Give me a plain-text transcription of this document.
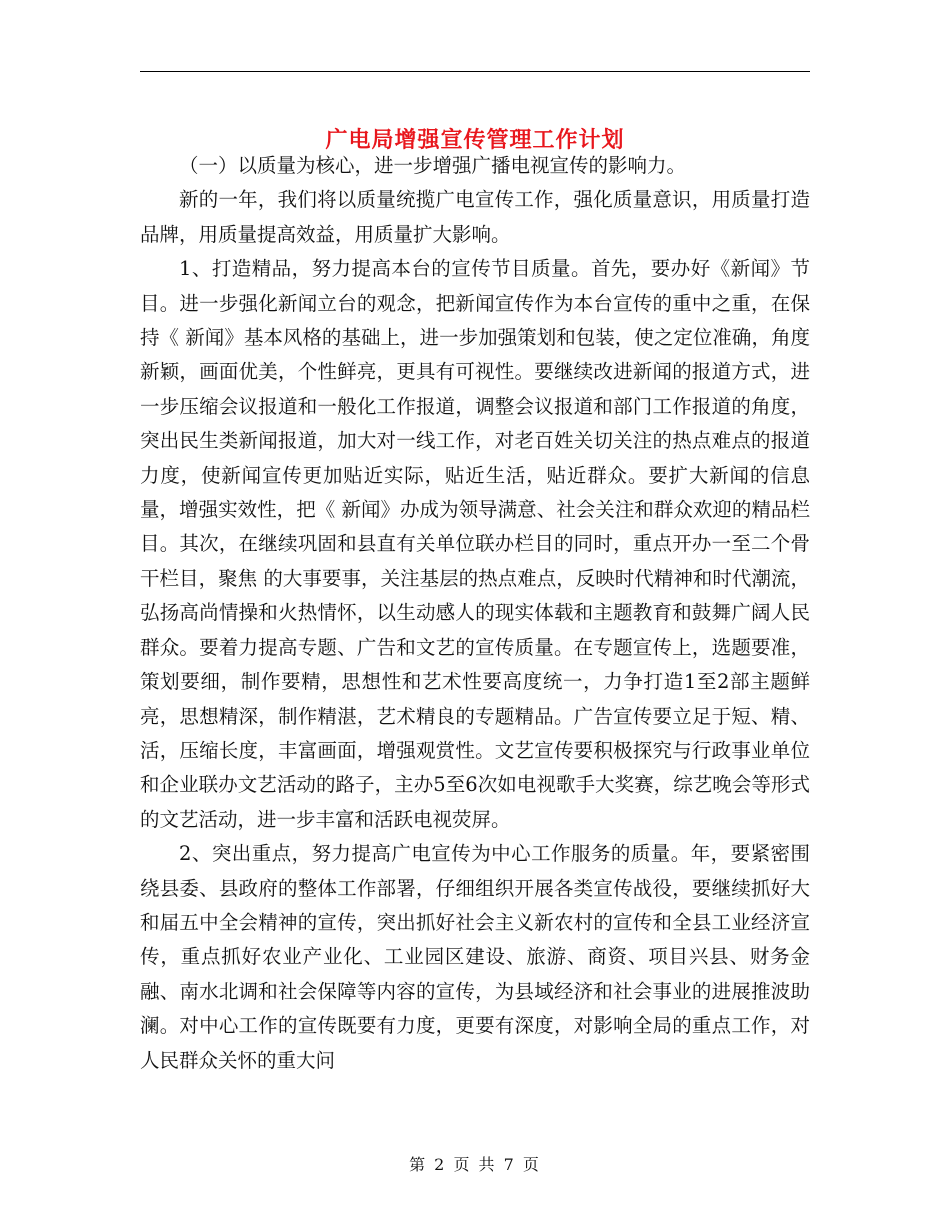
广电局增强宣传管理工作计划

（一）以质量为核心，进一步增强广播电视宣传的影响力。

新的一年，我们将以质量统揽广电宣传工作，强化质量意识，用质量打造品牌，用质量提高效益，用质量扩大影响。

1、打造精品，努力提高本台的宣传节目质量。首先，要办好《新闻》节目。进一步强化新闻立台的观念，把新闻宣传作为本台宣传的重中之重，在保持《 新闻》基本风格的基础上，进一步加强策划和包装，使之定位准确，角度新颖，画面优美，个性鲜亮，更具有可视性。要继续改进新闻的报道方式，进一步压缩会议报道和一般化工作报道，调整会议报道和部门工作报道的角度，突出民生类新闻报道，加大对一线工作，对老百姓关切关注的热点难点的报道力度，使新闻宣传更加贴近实际，贴近生活，贴近群众。要扩大新闻的信息量，增强实效性，把《 新闻》办成为领导满意、社会关注和群众欢迎的精品栏目。其次，在继续巩固和县直有关单位联办栏目的同时，重点开办一至二个骨干栏目，聚焦 的大事要事，关注基层的热点难点，反映时代精神和时代潮流，弘扬高尚情操和火热情怀，以生动感人的现实体载和主题教育和鼓舞广阔人民群众。要着力提高专题、广告和文艺的宣传质量。在专题宣传上，选题要准，策划要细，制作要精，思想性和艺术性要高度统一，力争打造1至2部主题鲜亮，思想精深，制作精湛，艺术精良的专题精品。广告宣传要立足于短、精、活，压缩长度，丰富画面，增强观赏性。文艺宣传要积极探究与行政事业单位和企业联办文艺活动的路子，主办5至6次如电视歌手大奖赛，综艺晚会等形式的文艺活动，进一步丰富和活跃电视荧屏。

2、突出重点，努力提高广电宣传为中心工作服务的质量。年，要紧密围绕县委、县政府的整体工作部署，仔细组织开展各类宣传战役，要继续抓好大和届五中全会精神的宣传，突出抓好社会主义新农村的宣传和全县工业经济宣传，重点抓好农业产业化、工业园区建设、旅游、商资、项目兴县、财务金融、南水北调和社会保障等内容的宣传，为县域经济和社会事业的进展推波助澜。对中心工作的宣传既要有力度，更要有深度，对影响全局的重点工作，对人民群众关怀的重大问

第 2 页 共 7 页
